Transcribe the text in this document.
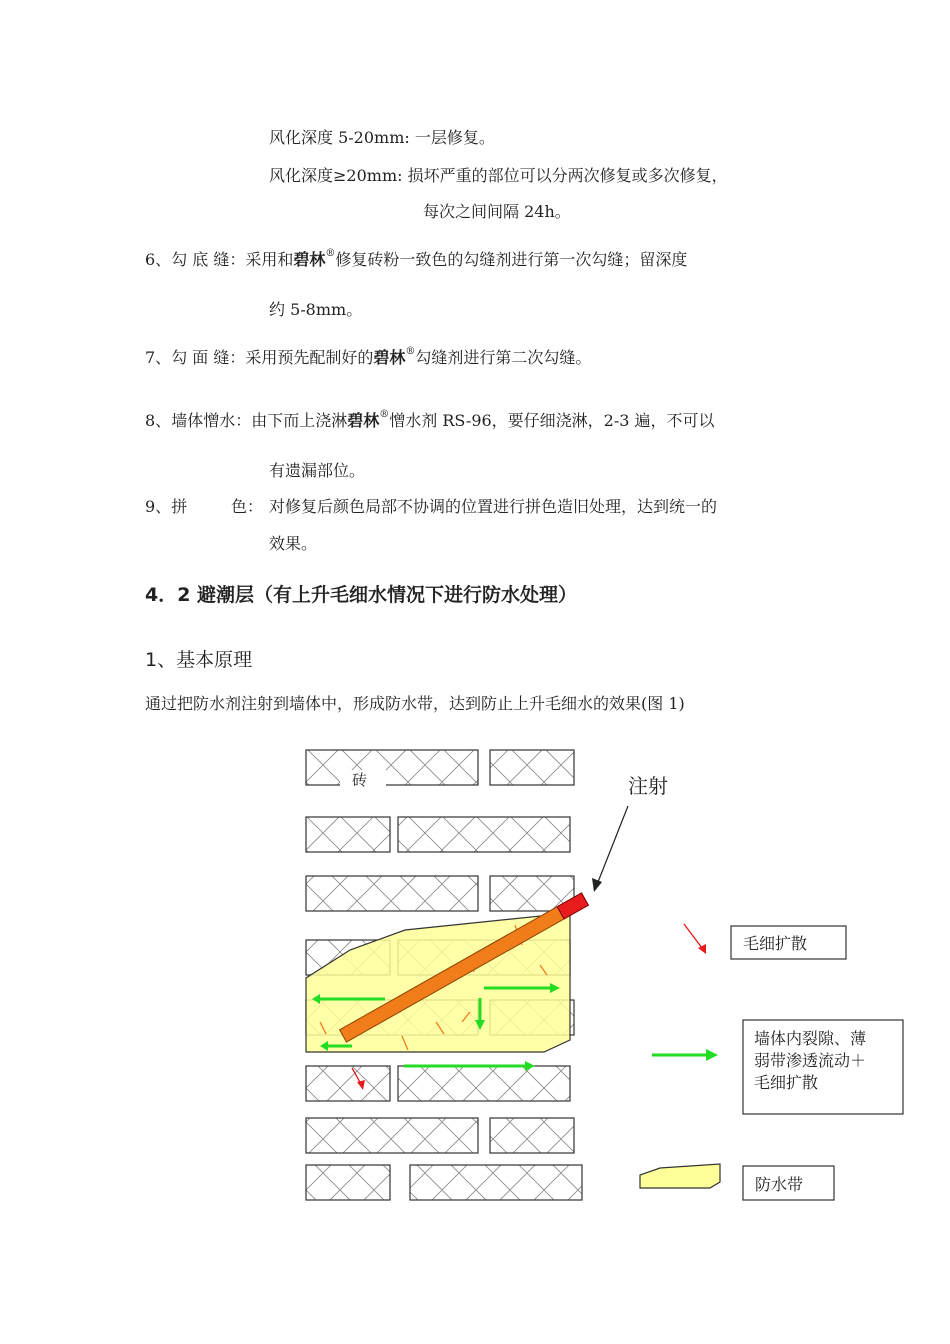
风化深度 5-20mm: 一层修复。
风化深度≥20mm: 损坏严重的部位可以分两次修复或多次修复，
每次之间间隔 24h。
6、勾 底 缝：采用和碧林®修复砖粉一致色的勾缝剂进行第一次勾缝；留深度
约 5-8mm。
7、勾 面 缝：采用预先配制好的碧林®勾缝剂进行第二次勾缝。
8、墙体憎水：由下而上浇淋碧林®憎水剂 RS-96，要仔细浇淋，2-3 遍，不可以
有遗漏部位。
9、拼	色： 对修复后颜色局部不协调的位置进行拼色造旧处理，达到统一的
效果。
4．2 避潮层（有上升毛细水情况下进行防水处理）
1、基本原理
通过把防水剂注射到墙体中，形成防水带，达到防止上升毛细水的效果(图 1)
砖	注射
毛细扩散
墙体内裂隙、薄
弱带渗透流动＋
毛细扩散
防水带
